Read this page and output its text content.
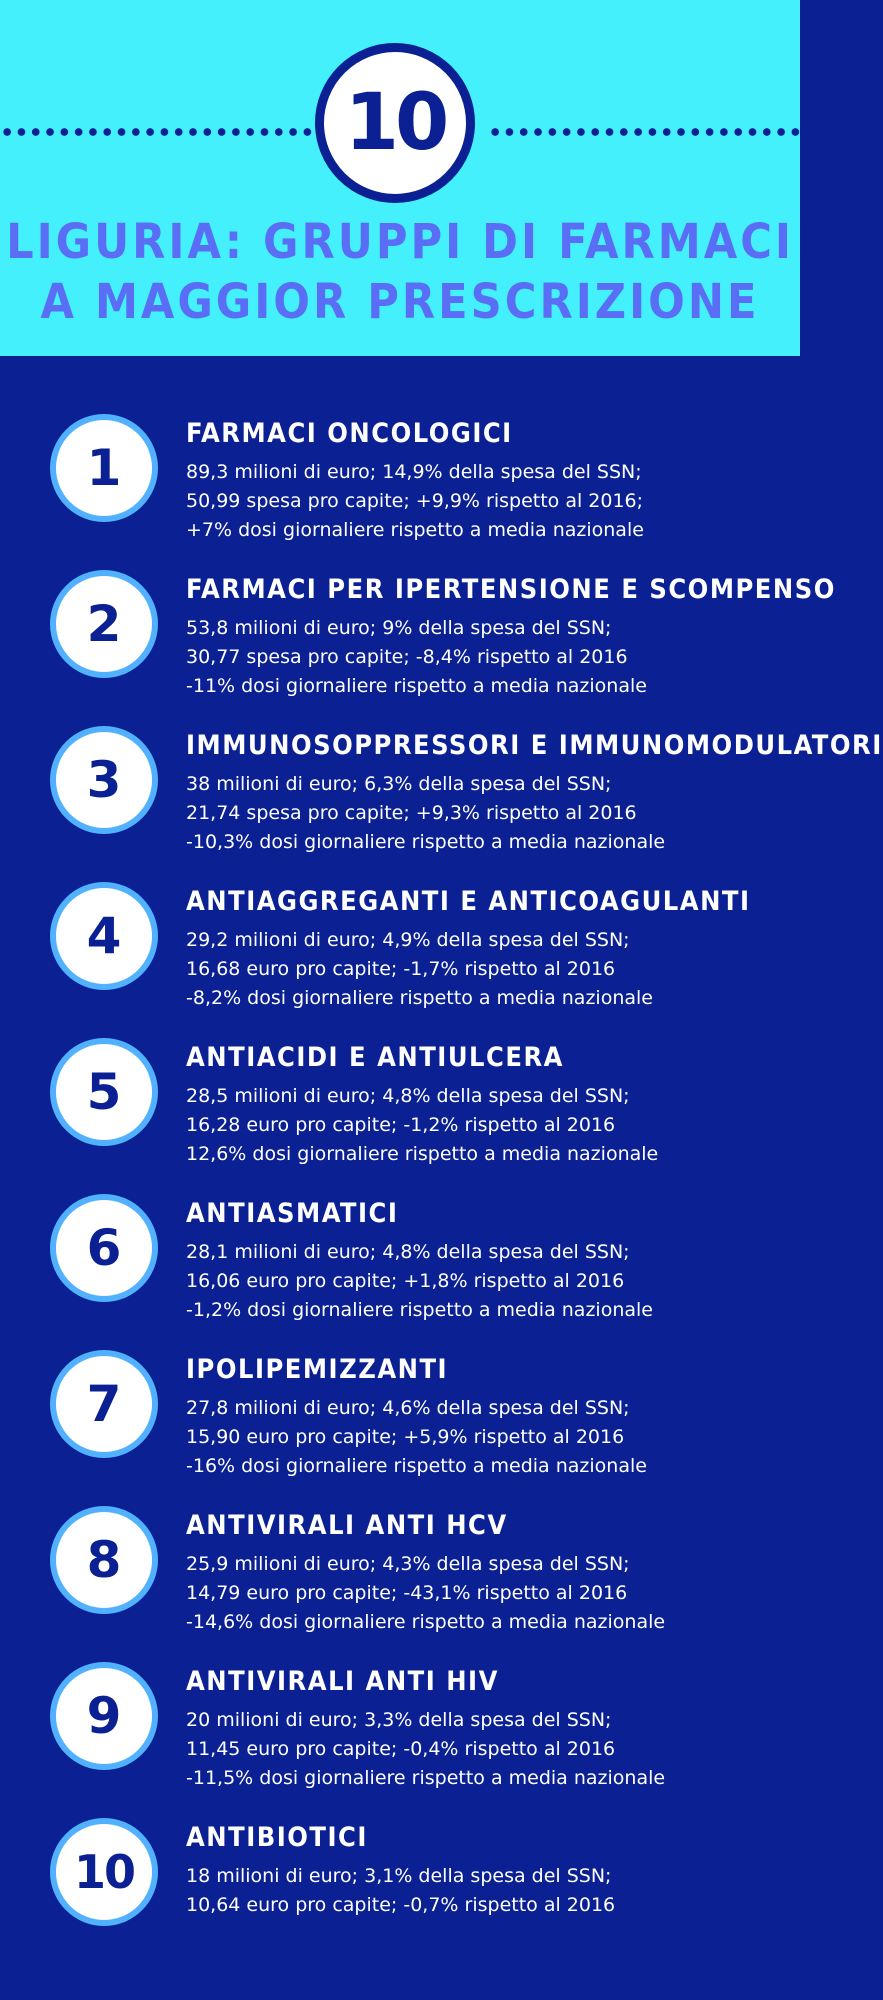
10
LIGURIA: GRUPPI DI FARMACI
A MAGGIOR PRESCRIZIONE
1
FARMACI ONCOLOGICI
89,3 milioni di euro; 14,9% della spesa del SSN;
50,99 spesa pro capite; +9,9% rispetto al 2016;
+7% dosi giornaliere rispetto a media nazionale
2
FARMACI PER IPERTENSIONE E SCOMPENSO
53,8 milioni di euro; 9% della spesa del SSN;
30,77 spesa pro capite; -8,4% rispetto al 2016
-11% dosi giornaliere rispetto a media nazionale
3
IMMUNOSOPPRESSORI E IMMUNOMODULATORI
38 milioni di euro; 6,3% della spesa del SSN;
21,74 spesa pro capite; +9,3% rispetto al 2016
-10,3% dosi giornaliere rispetto a media nazionale
4
ANTIAGGREGANTI E ANTICOAGULANTI
29,2 milioni di euro; 4,9% della spesa del SSN;
16,68 euro pro capite; -1,7% rispetto al 2016
-8,2% dosi giornaliere rispetto a media nazionale
5
ANTIACIDI E ANTIULCERA
28,5 milioni di euro; 4,8% della spesa del SSN;
16,28 euro pro capite; -1,2% rispetto al 2016
12,6% dosi giornaliere rispetto a media nazionale
6
ANTIASMATICI
28,1 milioni di euro; 4,8% della spesa del SSN;
16,06 euro pro capite; +1,8% rispetto al 2016
-1,2% dosi giornaliere rispetto a media nazionale
7
IPOLIPEMIZZANTI
27,8 milioni di euro; 4,6% della spesa del SSN;
15,90 euro pro capite; +5,9% rispetto al 2016
-16% dosi giornaliere rispetto a media nazionale
8
ANTIVIRALI ANTI HCV
25,9 milioni di euro; 4,3% della spesa del SSN;
14,79 euro pro capite; -43,1% rispetto al 2016
-14,6% dosi giornaliere rispetto a media nazionale
9
ANTIVIRALI ANTI HIV
20 milioni di euro; 3,3% della spesa del SSN;
11,45 euro pro capite; -0,4% rispetto al 2016
-11,5% dosi giornaliere rispetto a media nazionale
10
ANTIBIOTICI
18 milioni di euro; 3,1% della spesa del SSN;
10,64 euro pro capite; -0,7% rispetto al 2016
